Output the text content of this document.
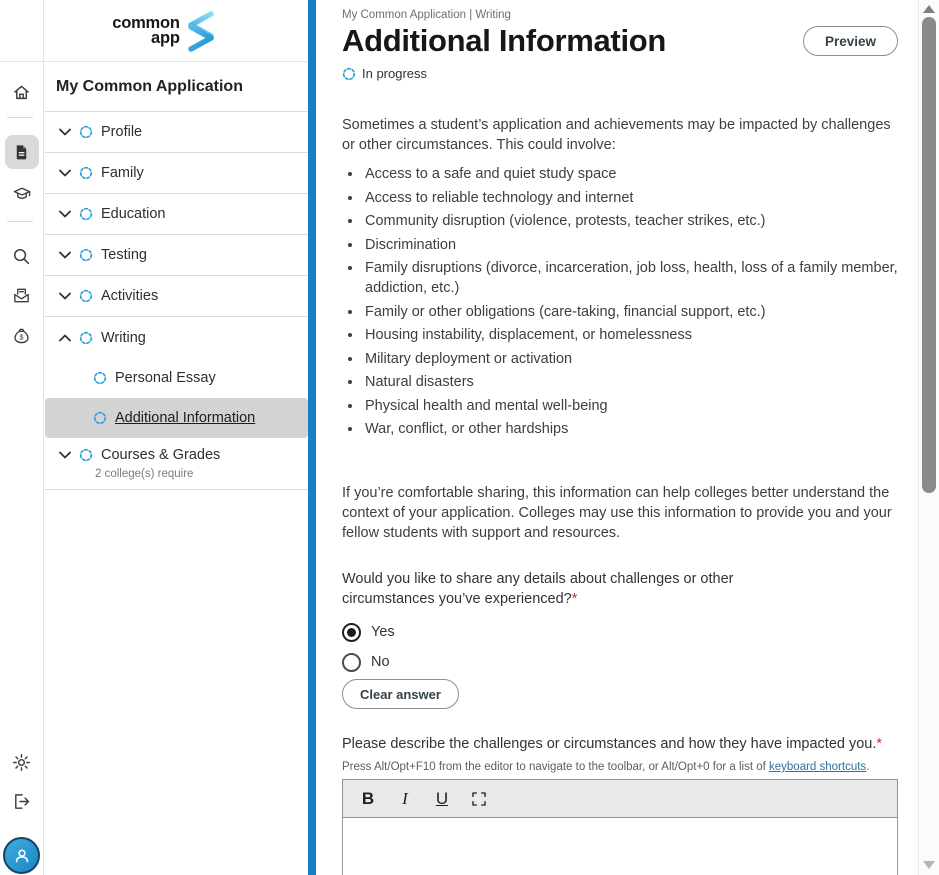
$
common
app
My Common Application
Profile
Family
Education
Testing
Activities
Writing
Personal Essay
Additional Information
Courses & Grades
2 college(s) require
My Common Application | Writing
Additional Information	Preview
In progress

Sometimes a student’s application and achievements may be impacted by challenges or other circumstances. This could involve:

• Access to a safe and quiet study space
• Access to reliable technology and internet
• Community disruption (violence, protests, teacher strikes, etc.)
• Discrimination
• Family disruptions (divorce, incarceration, job loss, health, loss of a family member, addiction, etc.)
• Family or other obligations (care-taking, financial support, etc.)
• Housing instability, displacement, or homelessness
• Military deployment or activation
• Natural disasters
• Physical health and mental well-being
• War, conflict, or other hardships

If you’re comfortable sharing, this information can help colleges better understand the context of your application. Colleges may use this information to provide you and your fellow students with support and resources.

Would you like to share any details about challenges or other circumstances you’ve experienced?*
Yes
No
Clear answer
Please describe the challenges or circumstances and how they have impacted you.*
Press Alt/Opt+F10 from the editor to navigate to the toolbar, or Alt/Opt+0 for a list of keyboard shortcuts.
B	I	U
